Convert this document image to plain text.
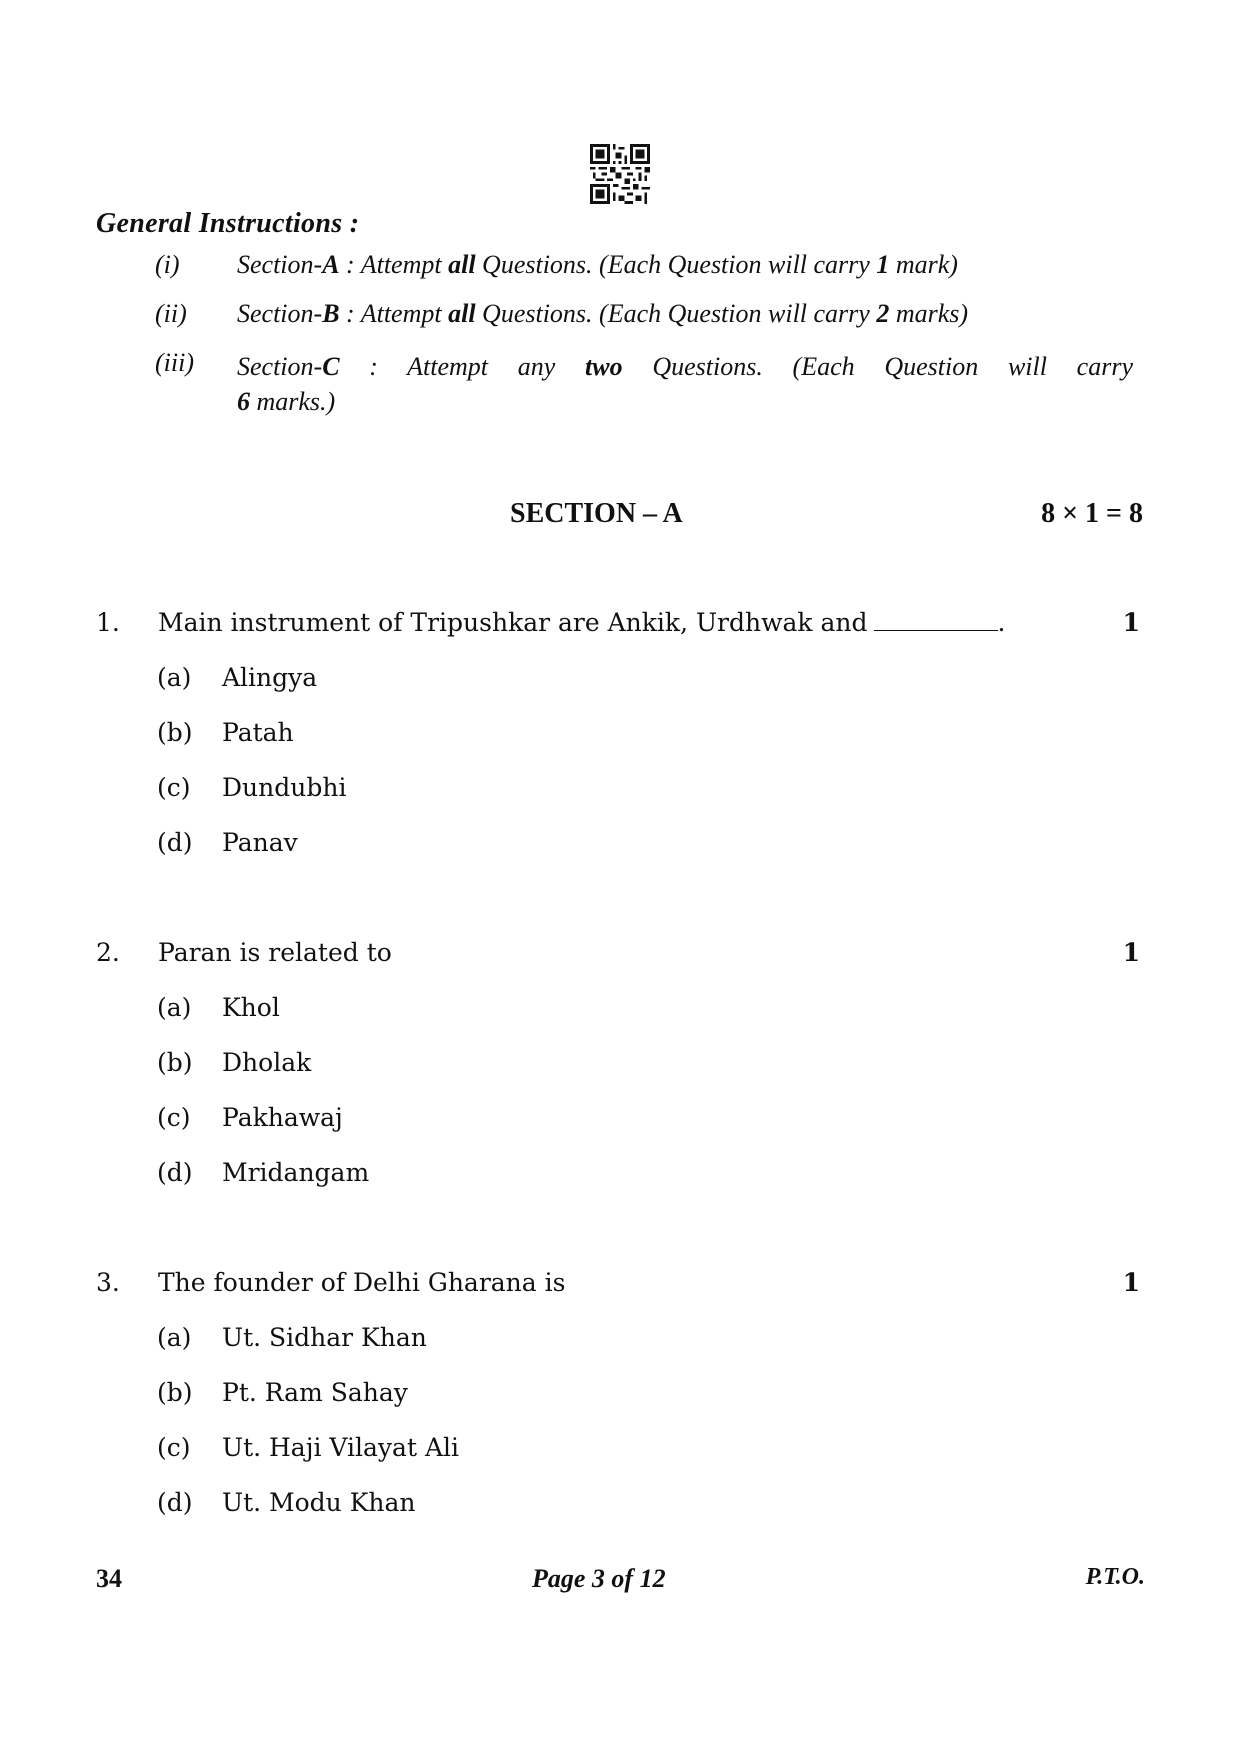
General Instructions :
(i) Section-A : Attempt all Questions. (Each Question will carry 1 mark)
(ii) Section-B : Attempt all Questions. (Each Question will carry 2 marks)
(iii) Section-C : Attempt any two Questions. (Each Question will carry
6 marks.)
SECTION – A	8 × 1 = 8
1. Main instrument of Tripushkar are Ankik, Urdhwak and	.	1
(a) Alingya
(b) Patah
(c) Dundubhi
(d) Panav
2. Paran is related to	1
(a) Khol
(b) Dholak
(c) Pakhawaj
(d) Mridangam
3. The founder of Delhi Gharana is	1
(a) Ut. Sidhar Khan
(b) Pt. Ram Sahay
(c) Ut. Haji Vilayat Ali
(d) Ut. Modu Khan
34	Page 3 of 12	P.T.O.
